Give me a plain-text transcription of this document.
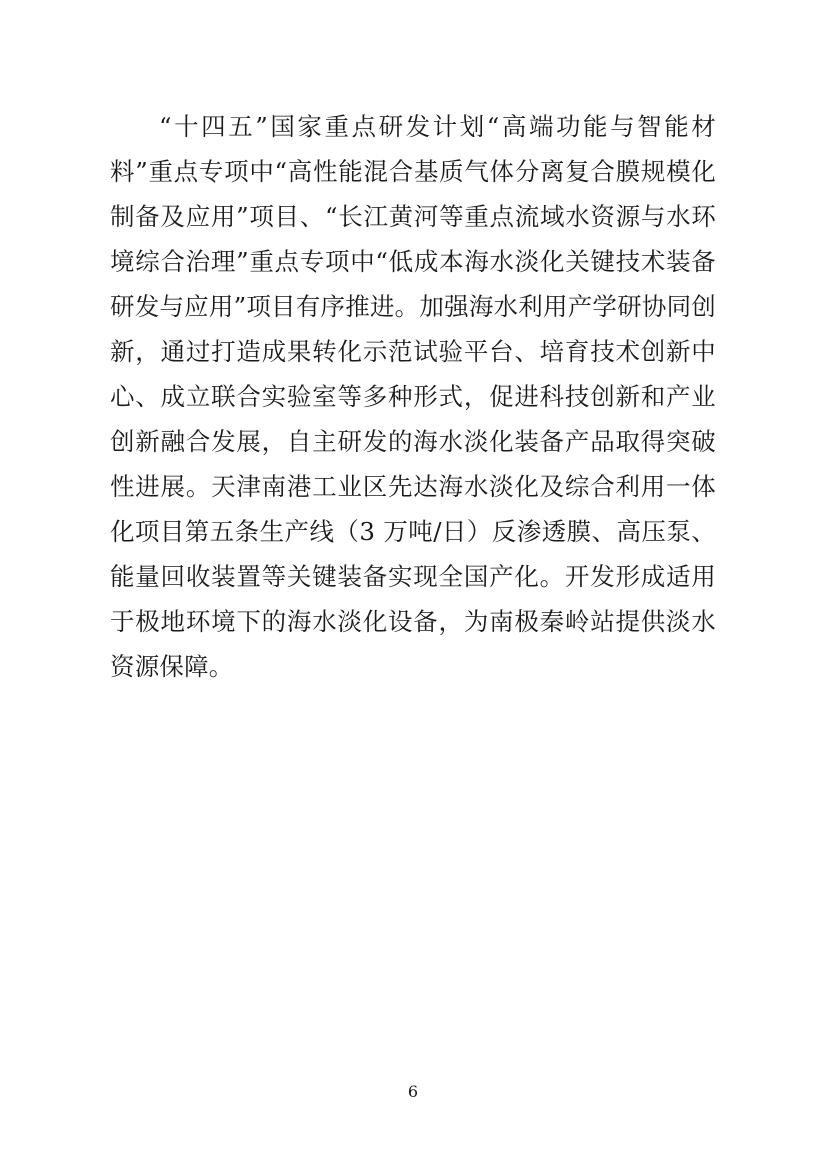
“十四五”国家重点研发计划“高端功能与智能材料”重点专项中“高性能混合基质气体分离复合膜规模化制备及应用”项目、“长江黄河等重点流域水资源与水环境综合治理”重点专项中“低成本海水淡化关键技术装备研发与应用”项目有序推进。加强海水利用产学研协同创新，通过打造成果转化示范试验平台、培育技术创新中心、成立联合实验室等多种形式，促进科技创新和产业创新融合发展，自主研发的海水淡化装备产品取得突破性进展。天津南港工业区先达海水淡化及综合利用一体化项目第五条生产线（3 万吨/日）反渗透膜、高压泵、能量回收装置等关键装备实现全国产化。开发形成适用于极地环境下的海水淡化设备，为南极秦岭站提供淡水资源保障。

6
